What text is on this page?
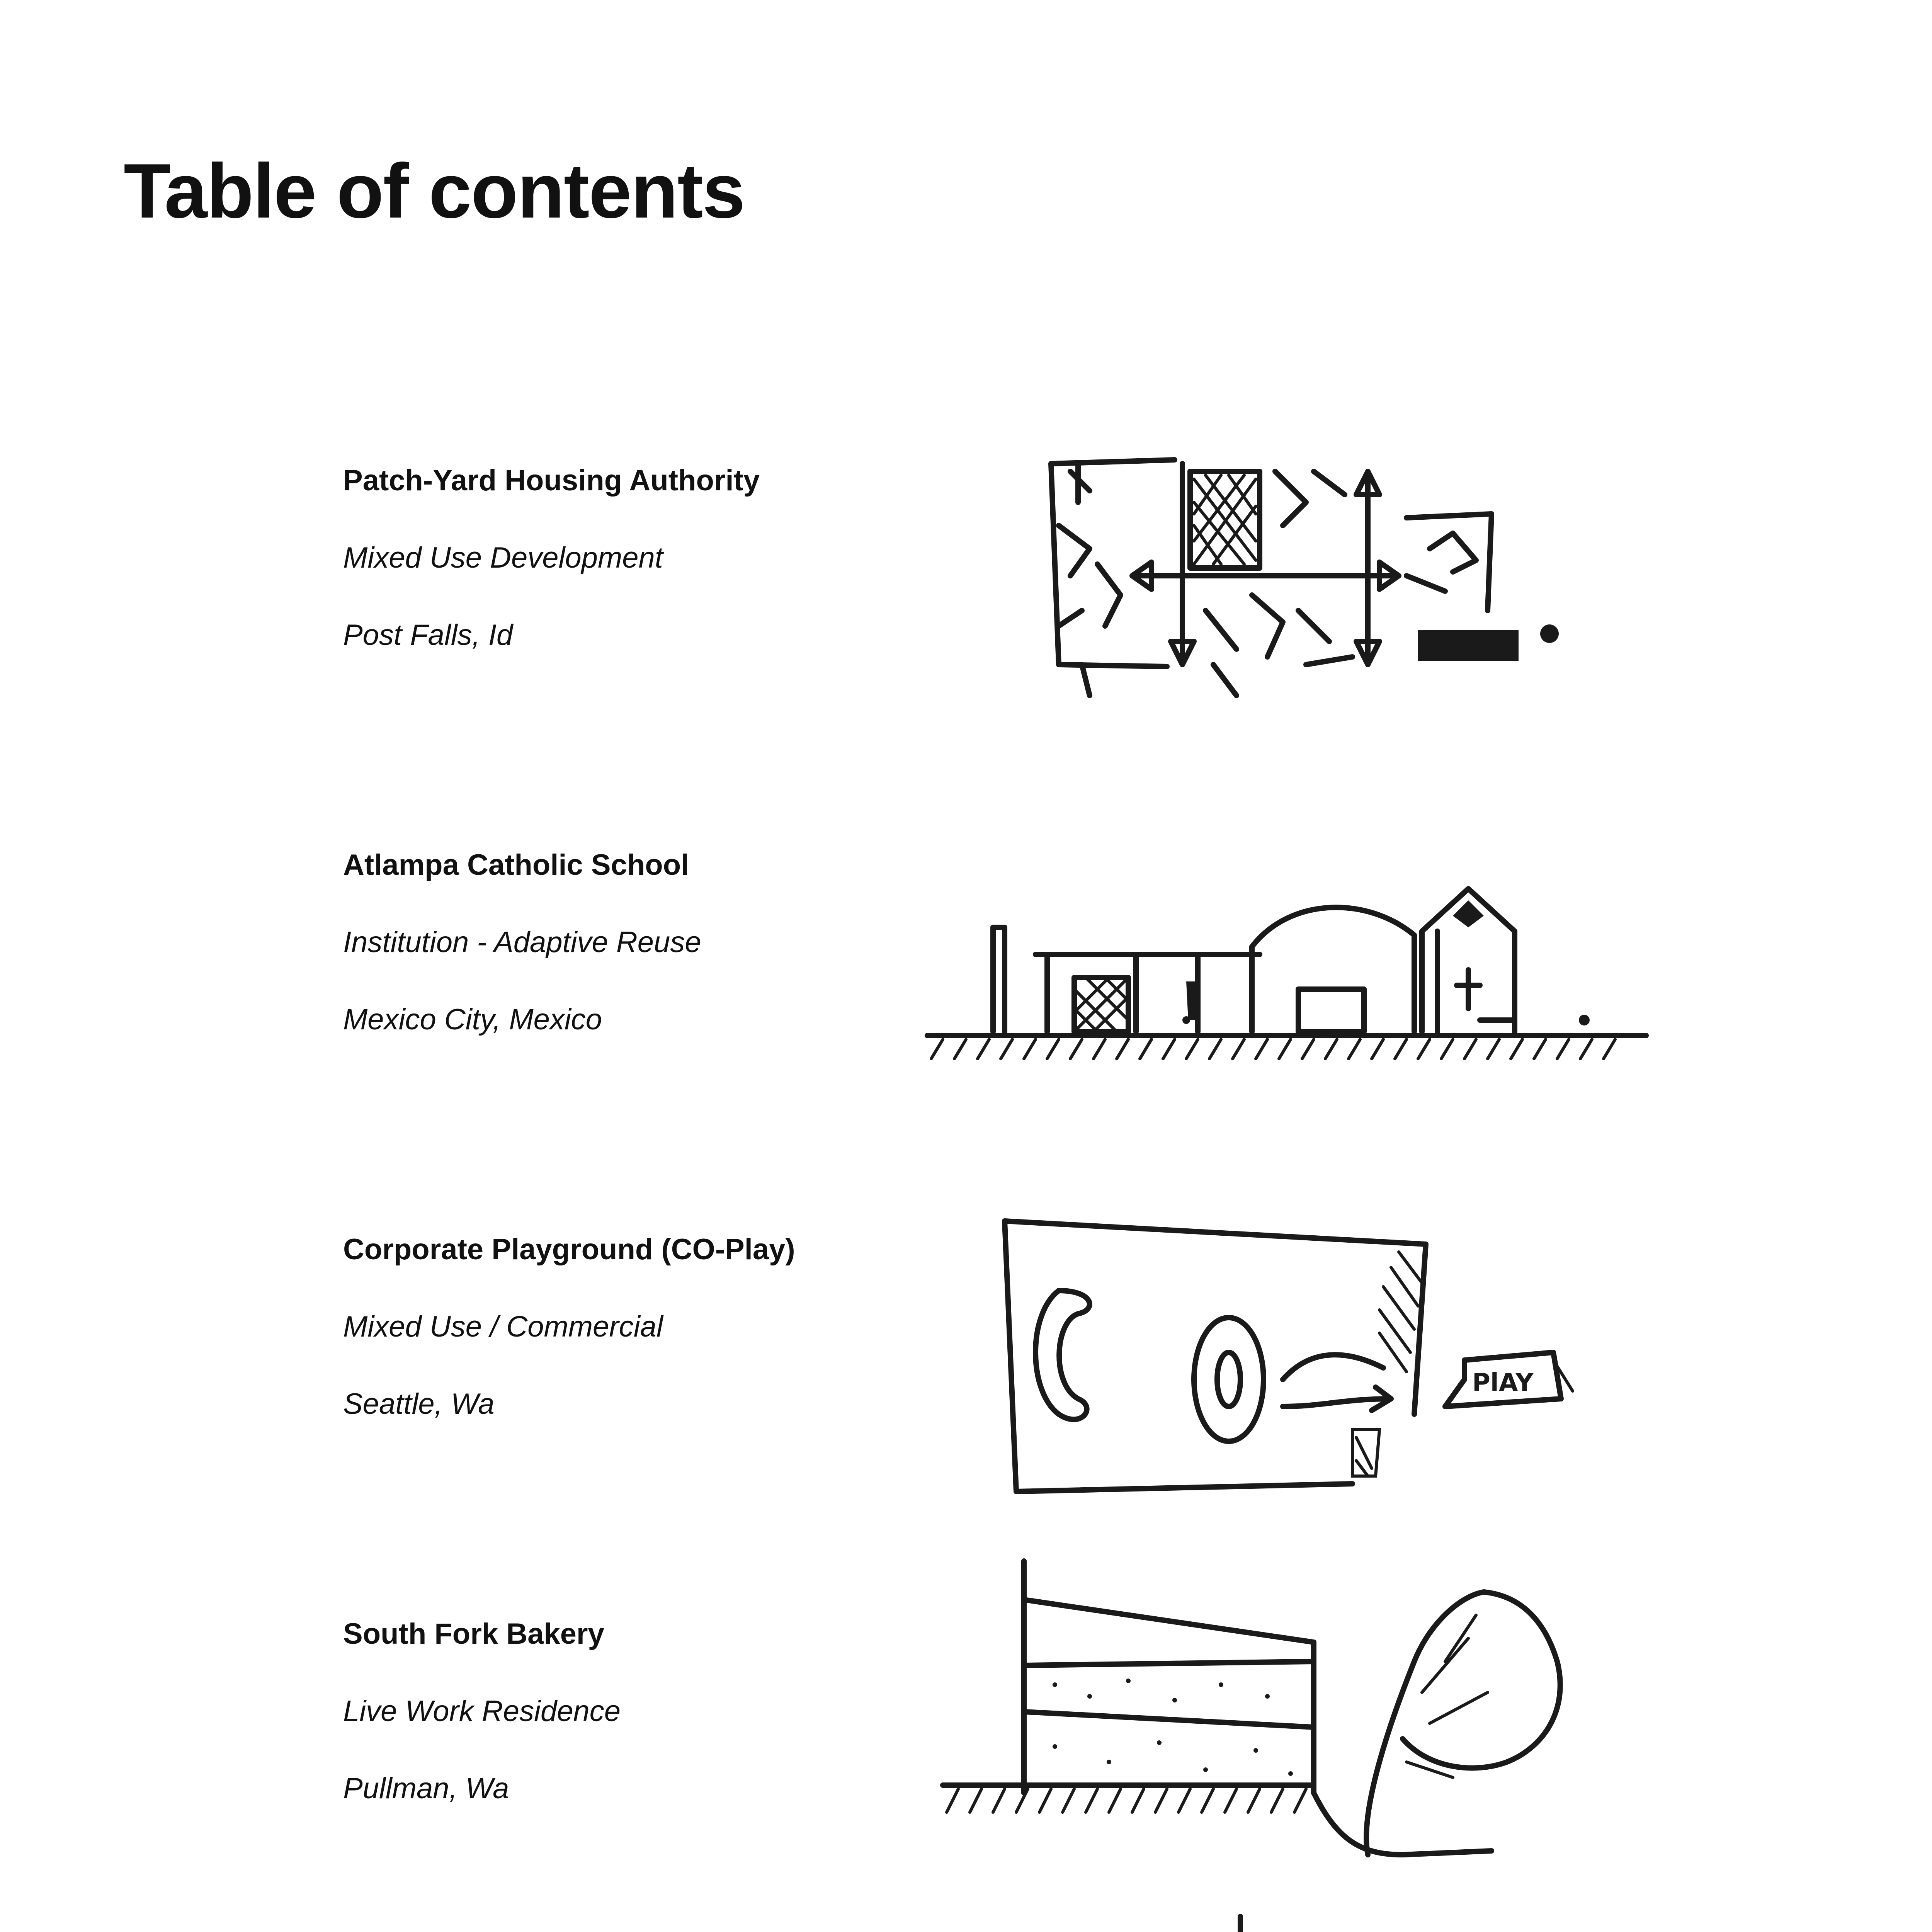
Table of contents

Patch-Yard Housing Authority

Mixed Use Development

Post Falls, Id

Atlampa Catholic School

Institution - Adaptive Reuse

Mexico City, Mexico

Corporate Playground (CO-Play)

Mixed Use / Commercial

Seattle, Wa

South Fork Bakery

Live Work Residence

Pullman, Wa

PlAY
